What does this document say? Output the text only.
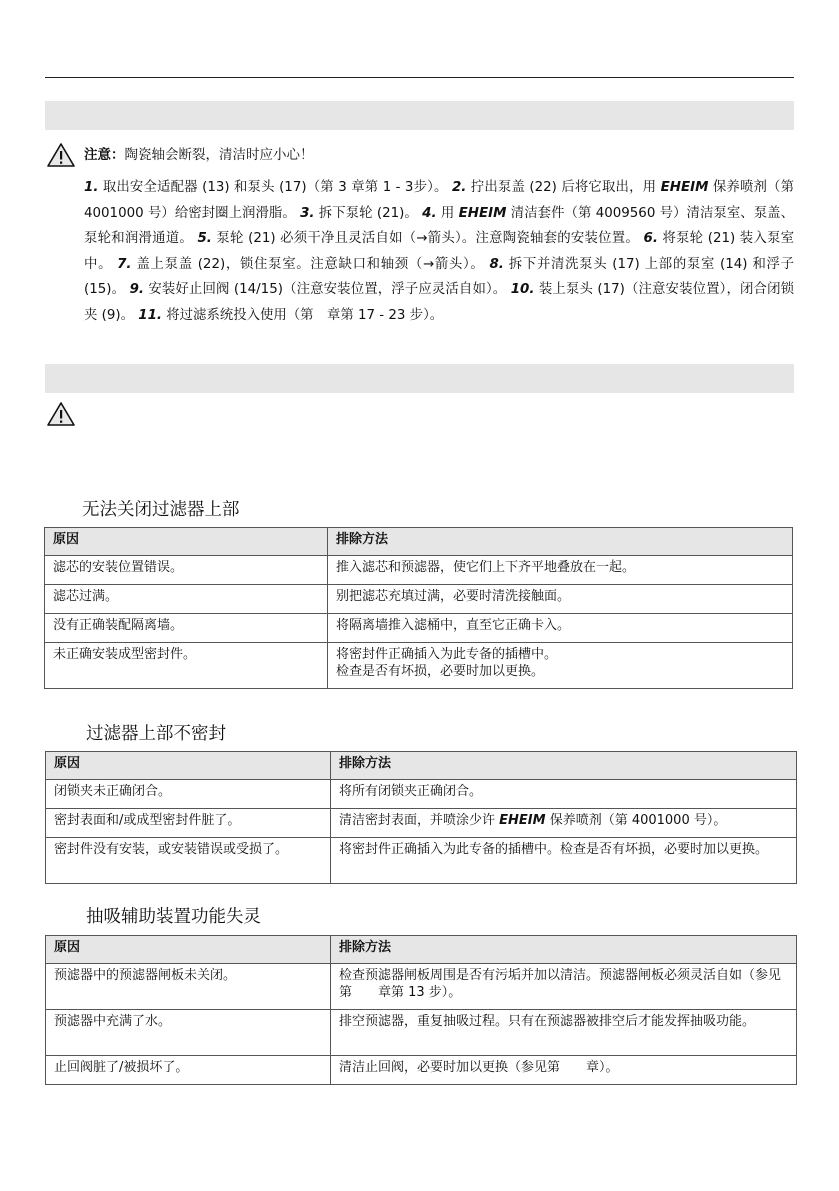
注意：陶瓷轴会断裂，清洁时应小心！
1. 取出安全适配器 (13) 和泵头 (17)（第 3 章第 1 - 3步）。 2. 拧出泵盖 (22) 后将它取出，用 EHEIM 保养喷剂（第 4001000 号）给密封圈上润滑脂。 3. 拆下泵轮 (21)。 4. 用 EHEIM 清洁套件（第 4009560 号）清洁泵室、泵盖、泵轮和润滑通道。 5. 泵轮 (21) 必须干净且灵活自如（→箭头）。注意陶瓷轴套的安装位置。 6. 将泵轮 (21) 装入泵室中。 7. 盖上泵盖 (22)，锁住泵室。注意缺口和轴颈（→箭头）。 8. 拆下并清洗泵头 (17) 上部的泵室 (14) 和浮子 (15)。 9. 安装好止回阀 (14/15)（注意安装位置，浮子应灵活自如）。 10. 装上泵头 (17)（注意安装位置），闭合闭锁夹 (9)。 11. 将过滤系统投入使用（第　章第 17 - 23 步）。
无法关闭过滤器上部
原因	排除方法
滤芯的安装位置错误。	推入滤芯和预滤器，使它们上下齐平地叠放在一起。
滤芯过满。	别把滤芯充填过满，必要时清洗接触面。
没有正确装配隔离墙。	将隔离墙推入滤桶中，直至它正确卡入。
未正确安装成型密封件。	将密封件正确插入为此专备的插槽中。
检查是否有坏损，必要时加以更换。
过滤器上部不密封
原因	排除方法
闭锁夹未正确闭合。	将所有闭锁夹正确闭合。
密封表面和/或成型密封件脏了。	清洁密封表面，并喷涂少许 EHEIM 保养喷剂（第 4001000 号）。
密封件没有安装，或安装错误或受损了。	将密封件正确插入为此专备的插槽中。检查是否有坏损，必要时加以更换。
抽吸辅助装置功能失灵
原因	排除方法
预滤器中的预滤器闸板未关闭。	检查预滤器闸板周围是否有污垢并加以清洁。预滤器闸板必须灵活自如（参见第　　章第 13 步）。
预滤器中充满了水。	排空预滤器，重复抽吸过程。只有在预滤器被排空后才能发挥抽吸功能。
止回阀脏了/被损坏了。	清洁止回阀，必要时加以更换（参见第　　章）。
